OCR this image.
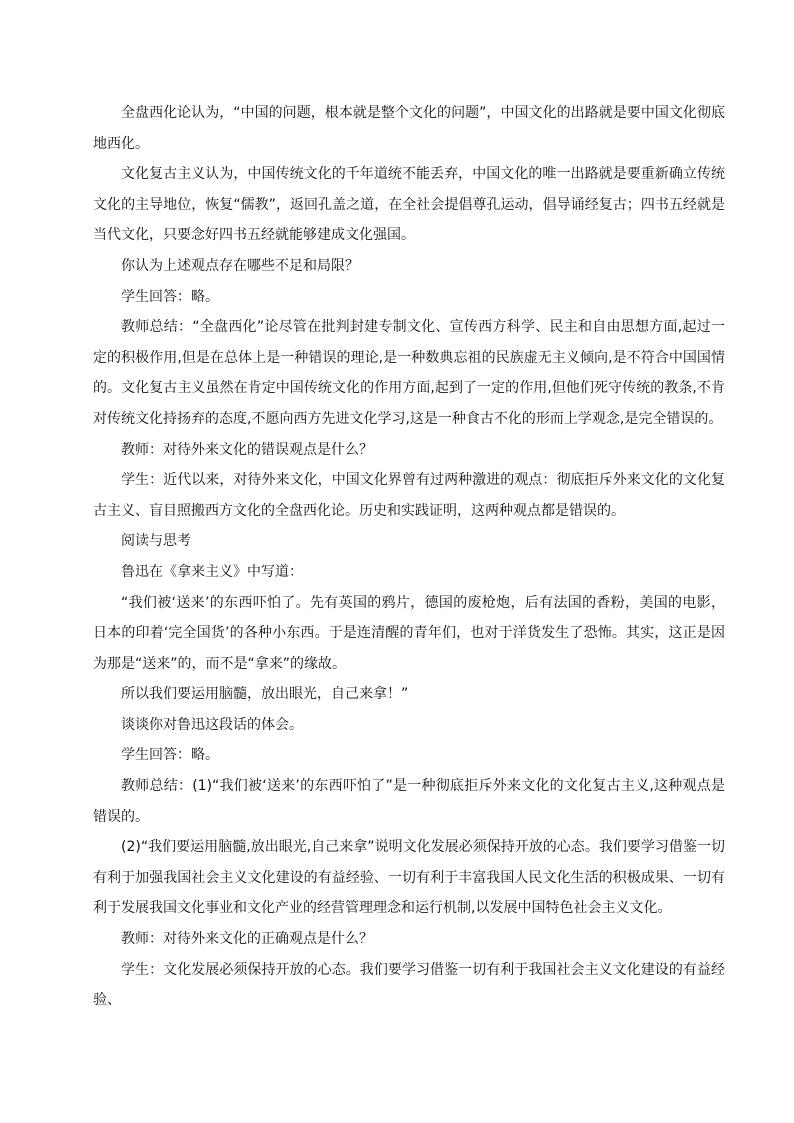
全盘西化论认为，“中国的问题，根本就是整个文化的问题”，中国文化的出路就是要中国文化彻底地西化。

文化复古主义认为，中国传统文化的千年道统不能丢弃，中国文化的唯一出路就是要重新确立传统文化的主导地位，恢复“儒教”，返回孔盖之道，在全社会提倡尊孔运动，倡导诵经复古；四书五经就是当代文化，只要念好四书五经就能够建成文化强国。

你认为上述观点存在哪些不足和局限？

学生回答：略。

教师总结：“全盘西化”论尽管在批判封建专制文化、宣传西方科学、民主和自由思想方面,起过一定的积极作用,但是在总体上是一种错误的理论,是一种数典忘祖的民族虚无主义倾向,是不符合中国国情的。文化复古主义虽然在肯定中国传统文化的作用方面,起到了一定的作用,但他们死守传统的教条,不肯对传统文化持扬弃的态度,不愿向西方先进文化学习,这是一种食古不化的形而上学观念,是完全错误的。

教师：对待外来文化的错误观点是什么？

学生：近代以来，对待外来文化，中国文化界曾有过两种激进的观点：彻底拒斥外来文化的文化复古主义、盲目照搬西方文化的全盘西化论。历史和实践证明，这两种观点都是错误的。

阅读与思考

鲁迅在《拿来主义》中写道：

“我们被‘送来’的东西吓怕了。先有英国的鸦片，德国的废枪炮，后有法国的香粉，美国的电影，日本的印着‘完全国货’的各种小东西。于是连清醒的青年们，也对于洋货发生了恐怖。其实，这正是因为那是“送来”的，而不是“拿来”的缘故。

所以我们要运用脑髓，放出眼光，自己来拿！”

谈谈你对鲁迅这段话的体会。

学生回答：略。

教师总结：(1)“我们被‘送来’的东西吓怕了”是一种彻底拒斥外来文化的文化复古主义,这种观点是错误的。

(2)“我们要运用脑髓,放出眼光,自己来拿”说明文化发展必须保持开放的心态。我们要学习借鉴一切有利于加强我国社会主义文化建设的有益经验、一切有利于丰富我国人民文化生活的积极成果、一切有利于发展我国文化事业和文化产业的经营管理理念和运行机制,以发展中国特色社会主义文化。

教师：对待外来文化的正确观点是什么？

学生：文化发展必须保持开放的心态。我们要学习借鉴一切有利于我国社会主义文化建设的有益经验、
